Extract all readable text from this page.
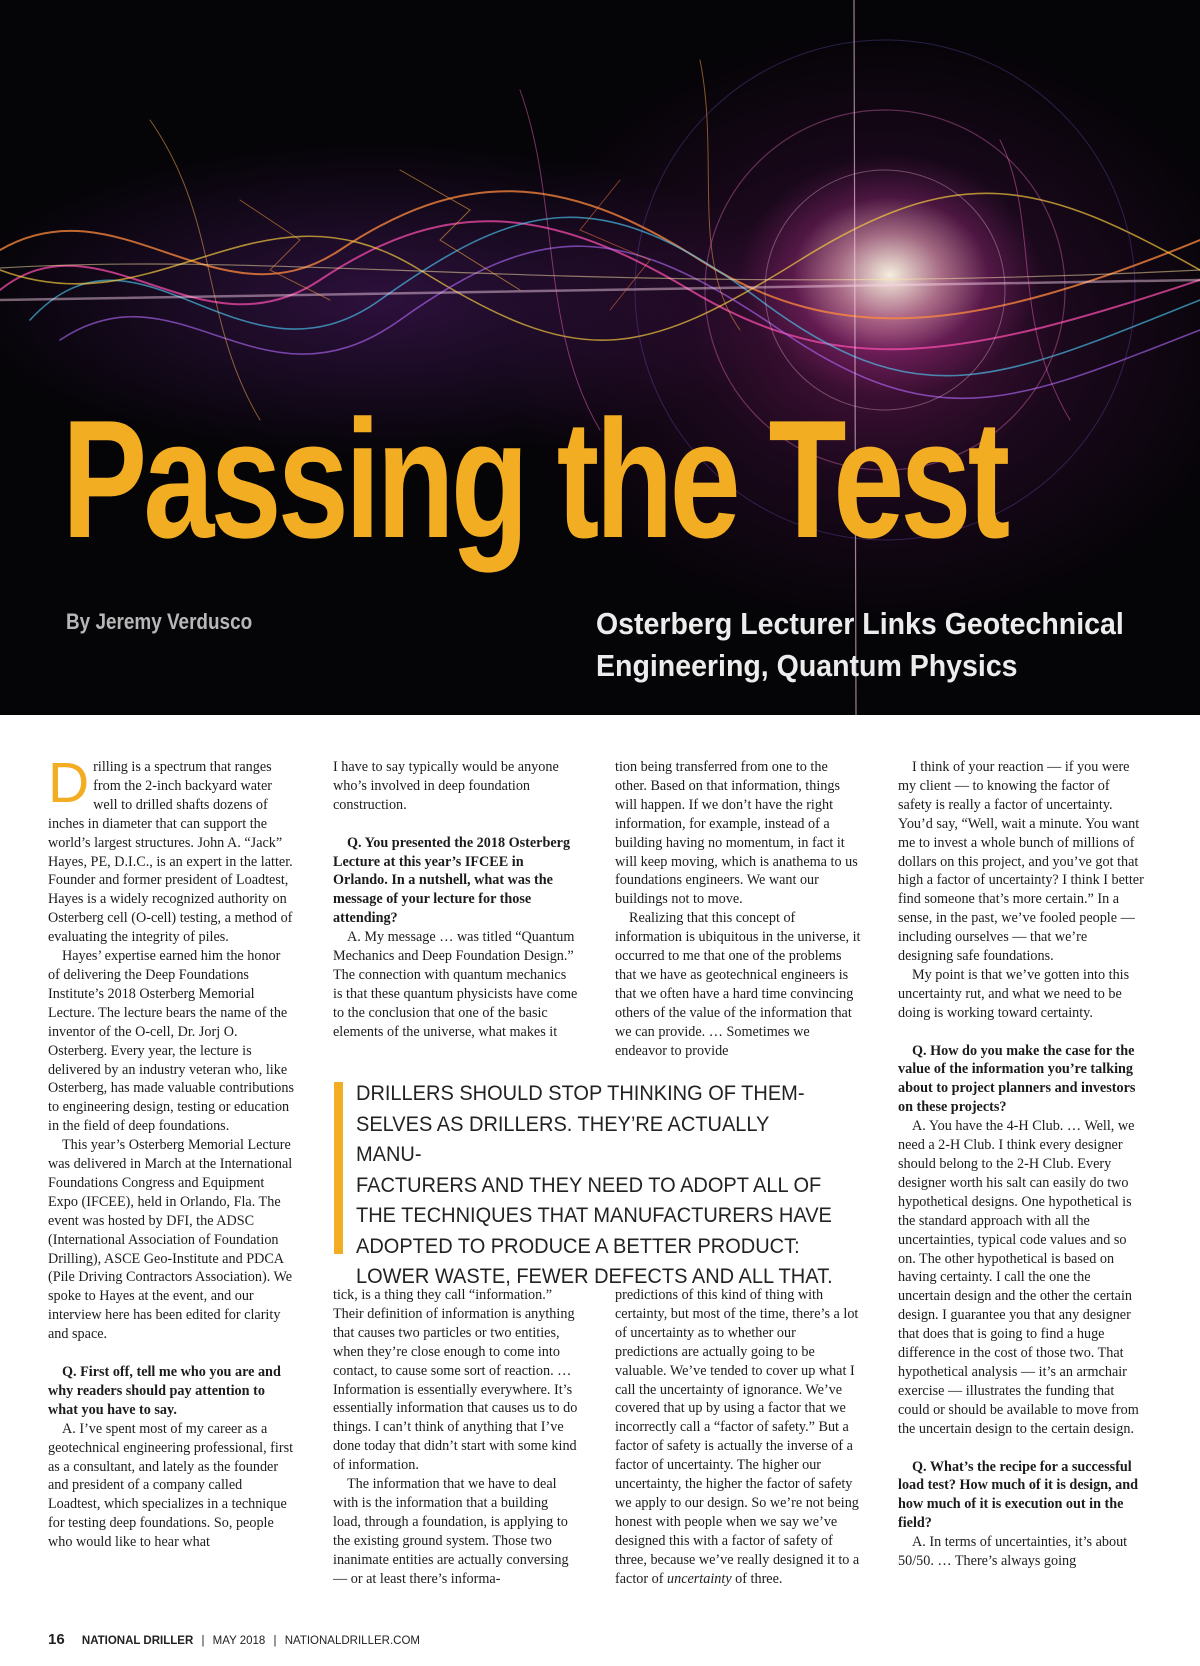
Passing the Test
By Jeremy Verdusco	Osterberg Lecturer Links Geotechnical
Engineering, Quantum Physics

Drilling is a spectrum that ranges from the 2-inch backyard water well to drilled shafts dozens of inches in diameter that can support the world’s largest structures. John A. “Jack” Hayes, PE, D.I.C., is an expert in the latter. Founder and former president of Loadtest, Hayes is a widely recognized authority on Osterberg cell (O-cell) testing, a method of evaluating the integrity of piles.

Hayes’ expertise earned him the honor of delivering the Deep Foundations Institute’s 2018 Osterberg Memorial Lecture. The lecture bears the name of the inventor of the O-cell, Dr. Jorj O. Osterberg. Every year, the lecture is delivered by an industry veteran who, like Osterberg, has made valuable contributions to engineering design, testing or education in the field of deep foundations.

This year’s Osterberg Memorial Lecture was delivered in March at the International Foundations Congress and Equipment Expo (IFCEE), held in Orlando, Fla. The event was hosted by DFI, the ADSC (International Association of Foundation Drilling), ASCE Geo-Institute and PDCA (Pile Driving Contractors Association). We spoke to Hayes at the event, and our interview here has been edited for clarity and space.

Q. First off, tell me who you are and why readers should pay attention to what you have to say.

A. I’ve spent most of my career as a geotechnical engineering professional, first as a consultant, and lately as the founder and president of a company called Loadtest, which specializes in a technique for testing deep foundations. So, people who would like to hear what

I have to say typically would be anyone who’s involved in deep foundation construction.

Q. You presented the 2018 Osterberg Lecture at this year’s IFCEE in Orlando. In a nutshell, what was the message of your lecture for those attending?

A. My message … was titled “Quantum Mechanics and Deep Foundation Design.” The connection with quantum mechanics is that these quantum physicists have come to the conclusion that one of the basic elements of the universe, what makes it

tion being transferred from one to the other. Based on that information, things will happen. If we don’t have the right information, for example, instead of a building having no momentum, in fact it will keep moving, which is anathema to us foundations engineers. We want our buildings not to move.

Realizing that this concept of information is ubiquitous in the universe, it occurred to me that one of the problems that we have as geotechnical engineers is that we often have a hard time convincing others of the value of the information that we can provide. … Sometimes we endeavor to provide

DRILLERS SHOULD STOP THINKING OF THEM-
SELVES AS DRILLERS. THEY’RE ACTUALLY MANU-
FACTURERS AND THEY NEED TO ADOPT ALL OF
THE TECHNIQUES THAT MANUFACTURERS HAVE
ADOPTED TO PRODUCE A BETTER PRODUCT:
LOWER WASTE, FEWER DEFECTS AND ALL THAT.

tick, is a thing they call “information.” Their definition of information is anything that causes two particles or two entities, when they’re close enough to come into contact, to cause some sort of reaction. … Information is essentially everywhere. It’s essentially information that causes us to do things. I can’t think of anything that I’ve done today that didn’t start with some kind of information.

The information that we have to deal with is the information that a building load, through a foundation, is applying to the existing ground system. Those two inanimate entities are actually conversing — or at least there’s informa-

predictions of this kind of thing with certainty, but most of the time, there’s a lot of uncertainty as to whether our predictions are actually going to be valuable. We’ve tended to cover up what I call the uncertainty of ignorance. We’ve covered that up by using a factor that we incorrectly call a “factor of safety.” But a factor of safety is actually the inverse of a factor of uncertainty. The higher our uncertainty, the higher the factor of safety we apply to our design. So we’re not being honest with people when we say we’ve designed this with a factor of safety of three, because we’ve really designed it to a factor of uncertainty of three.

I think of your reaction — if you were my client — to knowing the factor of safety is really a factor of uncertainty. You’d say, “Well, wait a minute. You want me to invest a whole bunch of millions of dollars on this project, and you’ve got that high a factor of uncertainty? I think I better find someone that’s more certain.” In a sense, in the past, we’ve fooled people — including ourselves — that we’re designing safe foundations.

My point is that we’ve gotten into this uncertainty rut, and what we need to be doing is working toward certainty.

Q. How do you make the case for the value of the information you’re talking about to project planners and investors on these projects?

A. You have the 4-H Club. … Well, we need a 2-H Club. I think every designer should belong to the 2-H Club. Every designer worth his salt can easily do two hypothetical designs. One hypothetical is the standard approach with all the uncertainties, typical code values and so on. The other hypothetical is based on having certainty. I call the one the uncertain design and the other the certain design. I guarantee you that any designer that does that is going to find a huge difference in the cost of those two. That hypothetical analysis — it’s an armchair exercise — illustrates the funding that could or should be available to move from the uncertain design to the certain design.

Q. What’s the recipe for a successful load test? How much of it is design, and how much of it is execution out in the field?

A. In terms of uncertainties, it’s about 50/50. … There’s always going

16 NATIONAL DRILLER | MAY 2018 | NATIONALDRILLER.COM
